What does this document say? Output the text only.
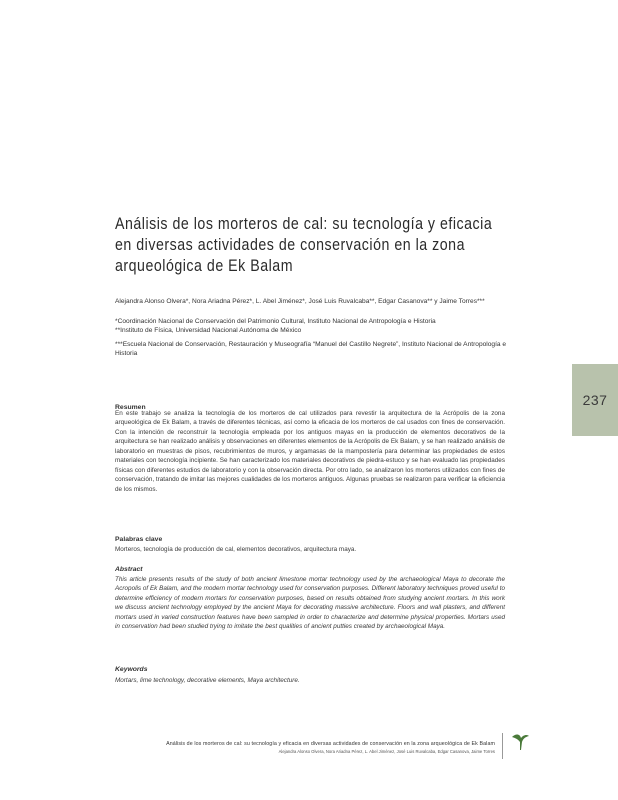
Análisis de los morteros de cal: su tecnología y eficacia
en diversas actividades de conservación en la zona
arqueológica de Ek Balam
Alejandra Alonso Olvera*, Nora Ariadna Pérez*, L. Abel Jiménez*, José Luis Ruvalcaba**, Edgar Casanova** y Jaime Torres***
*Coordinación Nacional de Conservación del Patrimonio Cultural, Instituto Nacional de Antropología e Historia
**Instituto de Física, Universidad Nacional Autónoma de México
***Escuela Nacional de Conservación, Restauración y Museografía “Manuel del Castillo Negrete”, Instituto Nacional de Antropología e Historia
237
Resumen

En este trabajo se analiza la tecnología de los morteros de cal utilizados para revestir la arquitectura de la Acrópolis de la zona arqueológica de Ek Balam, a través de diferentes técnicas, así como la eficacia de los morteros de cal usados con fines de conservación. Con la intención de reconstruir la tecnología empleada por los antiguos mayas en la producción de elementos decorativos de la arquitectura se han realizado análisis y observaciones en diferentes elementos de la Acrópolis de Ek Balam, y se han realizado análisis de laboratorio en muestras de pisos, recubrimientos de muros, y argamasas de la mampostería para determinar las propiedades de estos materiales con tecnología incipiente. Se han caracterizado los materiales decorativos de piedra-estuco y se han evaluado las propiedades físicas con diferentes estudios de laboratorio y con la observación directa. Por otro lado, se analizaron los morteros utilizados con fines de conservación, tratando de imitar las mejores cualidades de los morteros antiguos. Algunas pruebas se realizaron para verificar la eficiencia de los mismos.

Palabras clave

Morteros, tecnología de producción de cal, elementos decorativos, arquitectura maya.

Abstract

This article presents results of the study of both ancient limestone mortar technology used by the archaeological Maya to decorate the Acropolis of Ek Balam, and the modern mortar technology used for conservation purposes. Different laboratory techniques proved useful to determine efficiency of modern mortars for conservation purposes, based on results obtained from studying ancient mortars. In this work we discuss ancient technology employed by the ancient Maya for decorating massive architecture. Floors and wall plasters, and different mortars used in varied construction features have been sampled in order to characterize and determine physical properties. Mortars used in conservation had been studied trying to imitate the best qualities of ancient putties created by archaeological Maya.

Keywords

Mortars, lime technology, decorative elements, Maya architecture.

Análisis de los morteros de cal: su tecnología y eficacia en diversas actividades de conservación en la zona arqueológica de Ek Balam
Alejandra Alonso Olvera, Nora Ariadna Pérez, L. Abel Jiménez, José Luis Ruvalcaba, Edgar Casanova, Jaime Torres
